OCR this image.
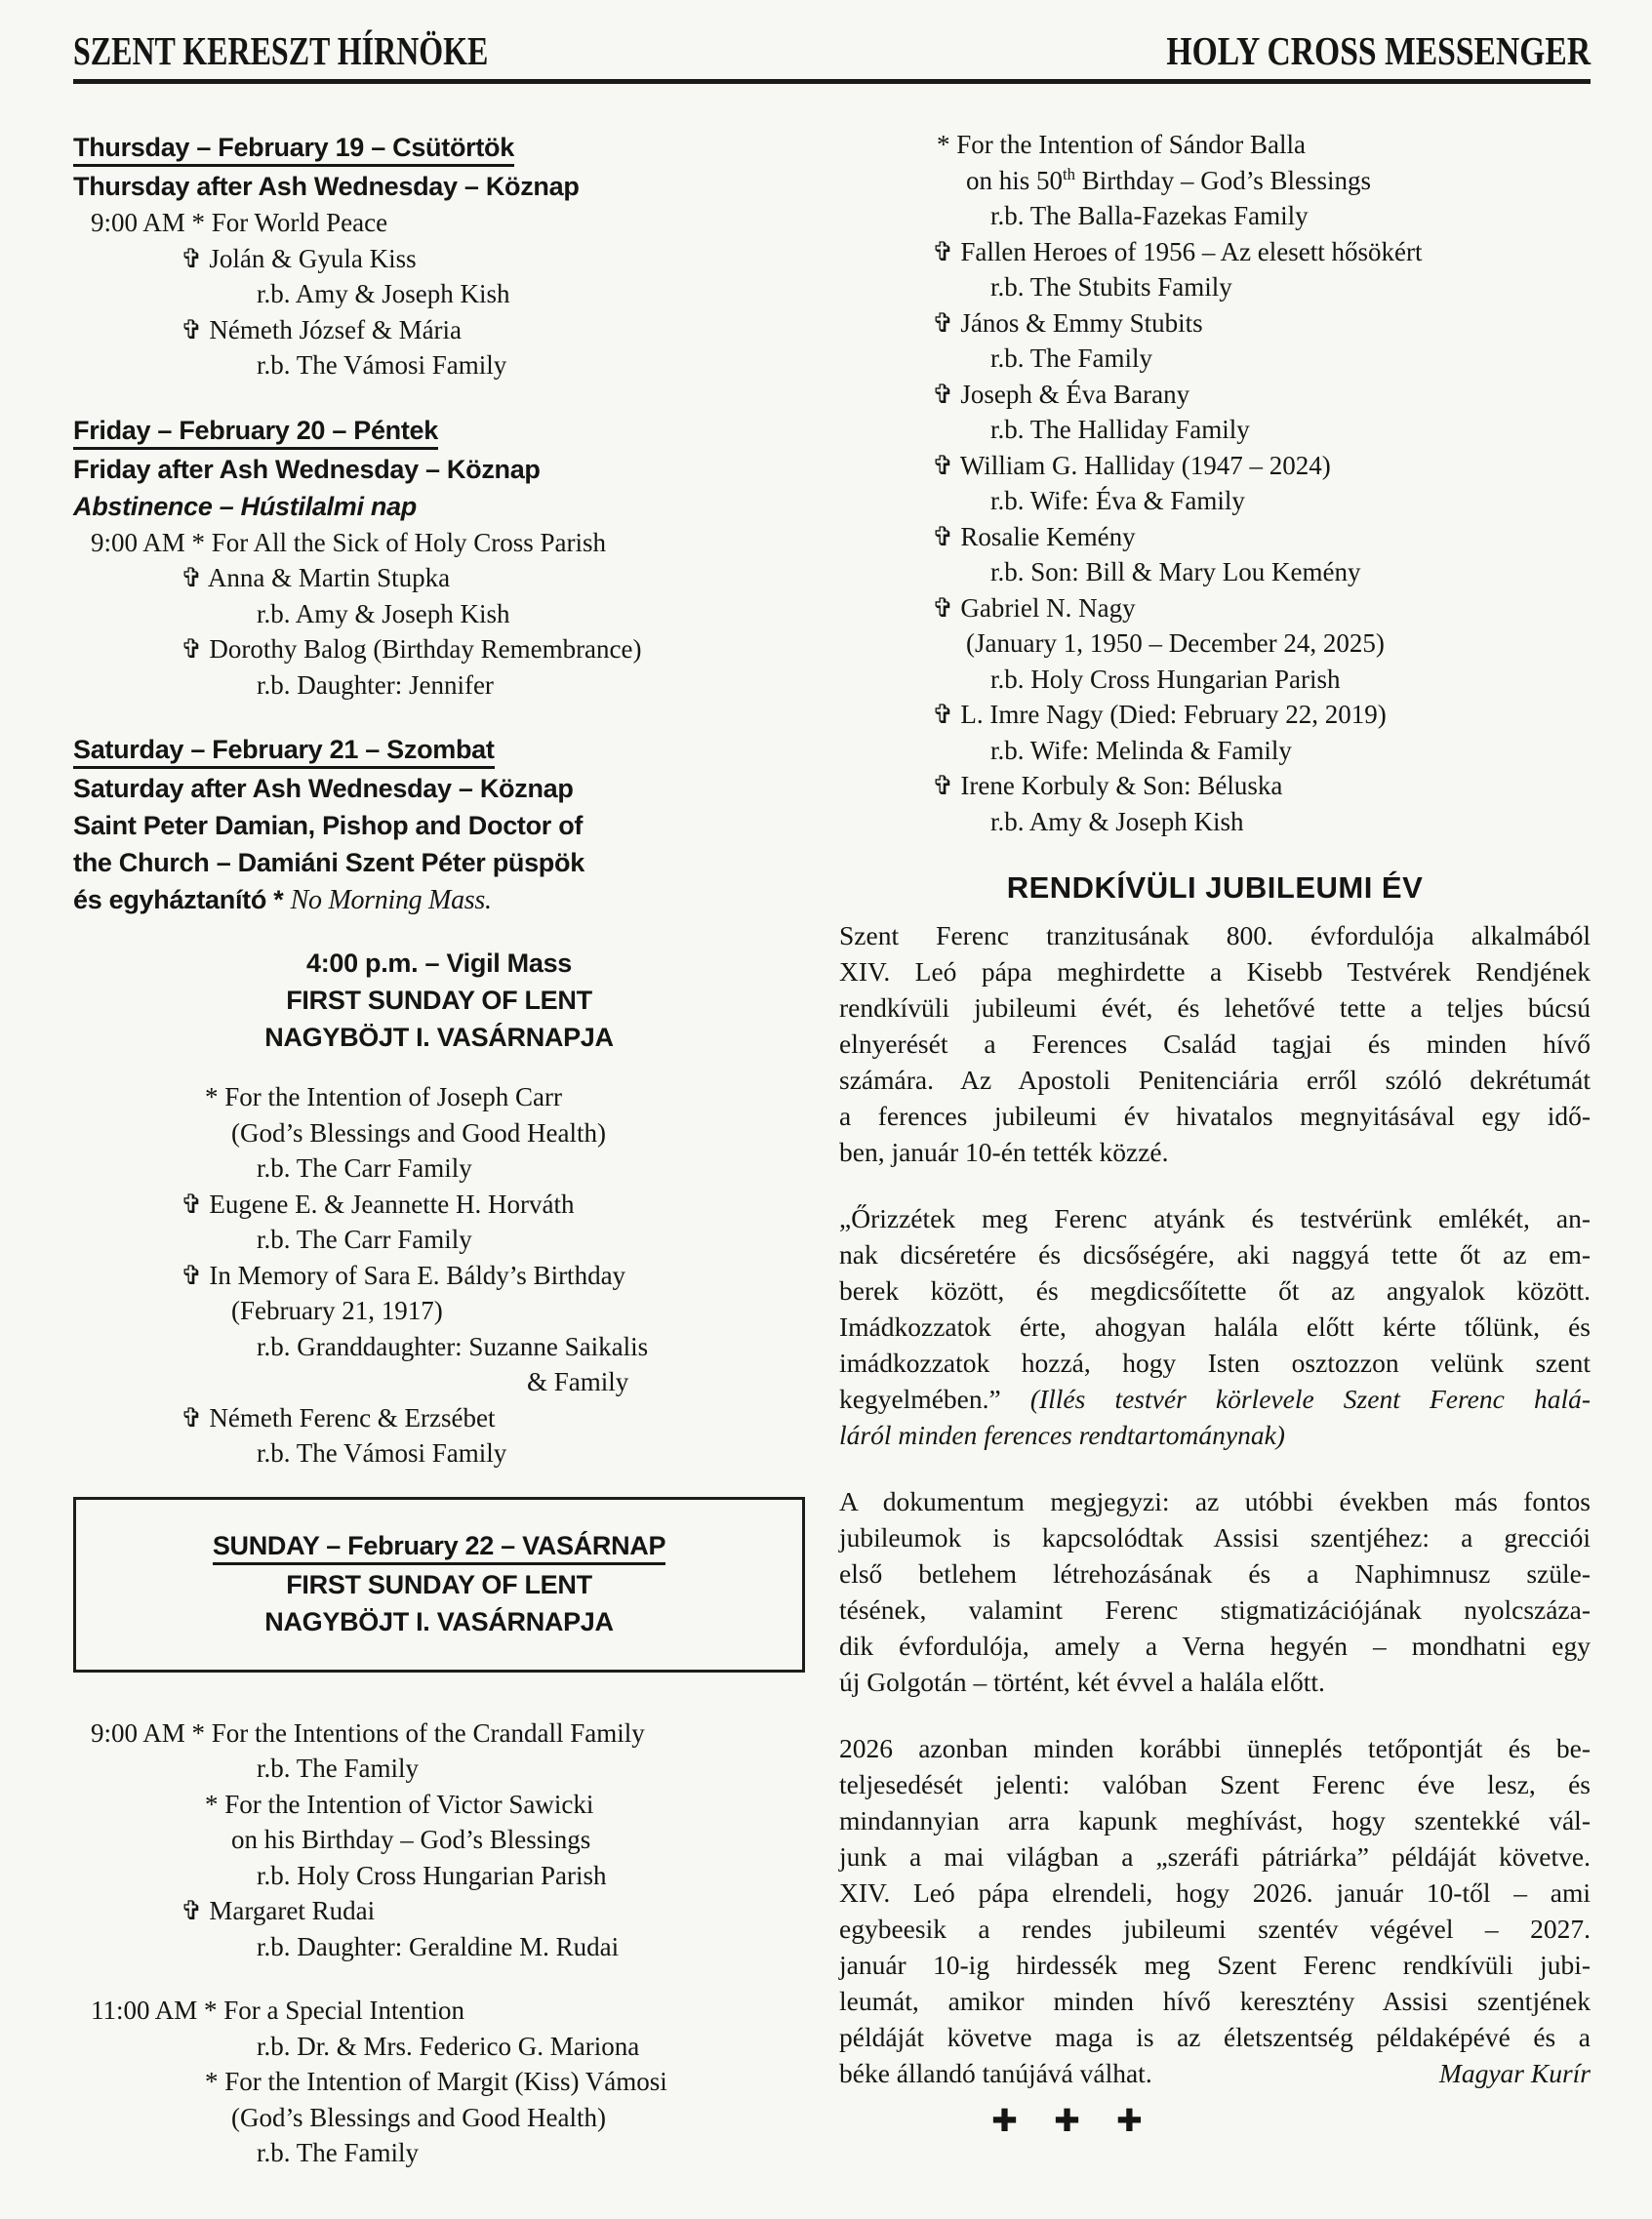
SZENT KERESZT HÍRNÖKE	HOLY CROSS MESSENGER
Thursday – February 19 – Csütörtök
Thursday after Ash Wednesday – Köznap
9:00 AM * For World Peace
✞ Jolán & Gyula Kiss
r.b. Amy & Joseph Kish
✞ Németh József & Mária
r.b. The Vámosi Family
Friday – February 20 – Péntek
Friday after Ash Wednesday – Köznap
Abstinence – Hústilalmi nap
9:00 AM * For All the Sick of Holy Cross Parish
✞ Anna & Martin Stupka
r.b. Amy & Joseph Kish
✞ Dorothy Balog (Birthday Remembrance)
r.b. Daughter: Jennifer
Saturday – February 21 – Szombat
Saturday after Ash Wednesday – Köznap
Saint Peter Damian, Pishop and Doctor of
the Church – Damiáni Szent Péter püspök
és egyháztanító * No Morning Mass.
4:00 p.m. – Vigil Mass
FIRST SUNDAY OF LENT
NAGYBÖJT I. VASÁRNAPJA
* For the Intention of Joseph Carr
(God’s Blessings and Good Health)
r.b. The Carr Family
✞ Eugene E. & Jeannette H. Horváth
r.b. The Carr Family
✞ In Memory of Sara E. Báldy’s Birthday
(February 21, 1917)
r.b. Granddaughter: Suzanne Saikalis
& Family
✞ Németh Ferenc & Erzsébet
r.b. The Vámosi Family
SUNDAY – February 22 – VASÁRNAP
FIRST SUNDAY OF LENT
NAGYBÖJT I. VASÁRNAPJA
9:00 AM * For the Intentions of the Crandall Family
r.b. The Family
* For the Intention of Victor Sawicki
on his Birthday – God’s Blessings
r.b. Holy Cross Hungarian Parish
✞ Margaret Rudai
r.b. Daughter: Geraldine M. Rudai
11:00 AM * For a Special Intention
r.b. Dr. & Mrs. Federico G. Mariona
* For the Intention of Margit (Kiss) Vámosi
(God’s Blessings and Good Health)
r.b. The Family
* For the Intention of Sándor Balla
on his 50th Birthday – God’s Blessings
r.b. The Balla-Fazekas Family
✞ Fallen Heroes of 1956 – Az elesett hősökért
r.b. The Stubits Family
✞ János & Emmy Stubits
r.b. The Family
✞ Joseph & Éva Barany
r.b. The Halliday Family
✞ William G. Halliday (1947 – 2024)
r.b. Wife: Éva & Family
✞ Rosalie Kemény
r.b. Son: Bill & Mary Lou Kemény
✞ Gabriel N. Nagy
(January 1, 1950 – December 24, 2025)
r.b. Holy Cross Hungarian Parish
✞ L. Imre Nagy (Died: February 22, 2019)
r.b. Wife: Melinda & Family
✞ Irene Korbuly & Son: Béluska
r.b. Amy & Joseph Kish
RENDKÍVÜLI JUBILEUMI ÉV
Szent Ferenc tranzitusának 800. évfordulója alkalmából
XIV. Leó pápa meghirdette a Kisebb Testvérek Rendjének
rendkívüli jubileumi évét, és lehetővé tette a teljes búcsú
elnyerését a Ferences Család tagjai és minden hívő
számára. Az Apostoli Penitenciária erről szóló dekrétumát
a ferences jubileumi év hivatalos megnyitásával egy idő-
ben, január 10-én tették közzé.
„Őrizzétek meg Ferenc atyánk és testvérünk emlékét, an-
nak dicséretére és dicsőségére, aki naggyá tette őt az em-
berek között, és megdicsőítette őt az angyalok között.
Imádkozzatok érte, ahogyan halála előtt kérte tőlünk, és
imádkozzatok hozzá, hogy Isten osztozzon velünk szent
kegyelmében.” (Illés testvér körlevele Szent Ferenc halá-
láról minden ferences rendtartománynak)
A dokumentum megjegyzi: az utóbbi években más fontos
jubileumok is kapcsolódtak Assisi szentjéhez: a grecciói
első betlehem létrehozásának és a Naphimnusz szüle-
tésének, valamint Ferenc stigmatizációjának nyolcszáza-
dik évfordulója, amely a Verna hegyén – mondhatni egy
új Golgotán – történt, két évvel a halála előtt.
2026 azonban minden korábbi ünneplés tetőpontját és be-
teljesedését jelenti: valóban Szent Ferenc éve lesz, és
mindannyian arra kapunk meghívást, hogy szentekké vál-
junk a mai világban a „szeráfi pátriárka” példáját követve.
XIV. Leó pápa elrendeli, hogy 2026. január 10-től – ami
egybeesik a rendes jubileumi szentév végével – 2027.
január 10-ig hirdessék meg Szent Ferenc rendkívüli jubi-
leumát, amikor minden hívő keresztény Assisi szentjének
példáját követve maga is az életszentség példaképévé és a
béke állandó tanújává válhat.	Magyar Kurír
✚ ✚ ✚
